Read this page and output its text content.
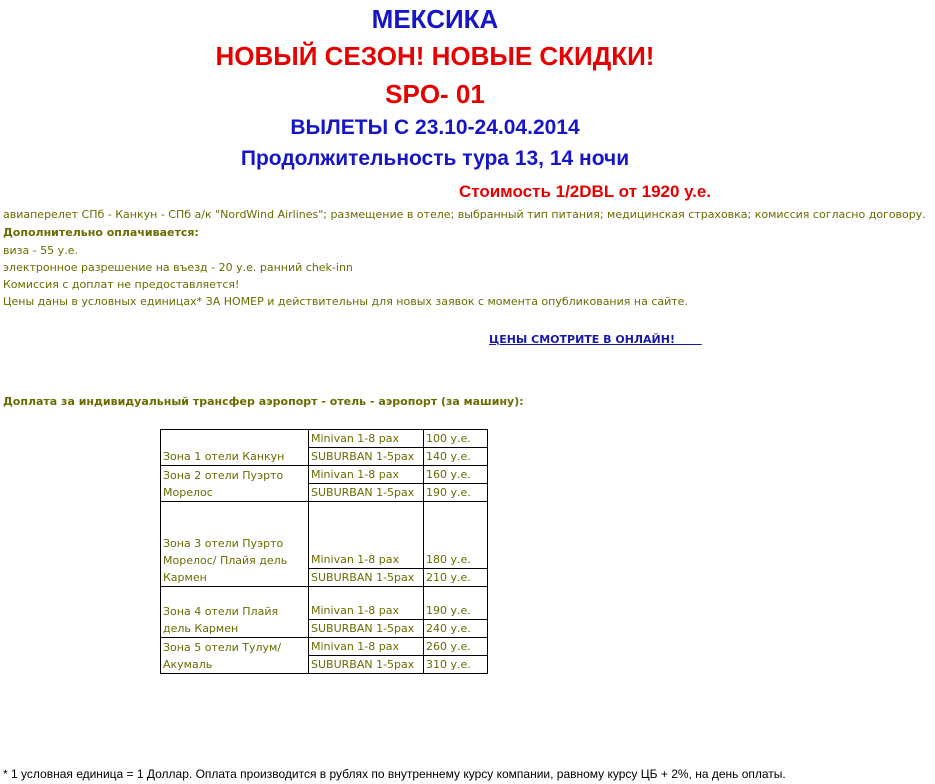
МЕКСИКА
НОВЫЙ СЕЗОН! НОВЫЕ СКИДКИ!
SPO- 01
ВЫЛЕТЫ С 23.10-24.04.2014
Продолжительность тура 13, 14 ночи
Стоимость 1/2DBL от 1920 у.е.
авиаперелет СПб - Канкун - СПб а/к "NordWind Airlines"; размещение в отеле; выбранный тип питания; медицинская страховка; комиссия согласно договору.
Дополнительно оплачивается:
виза - 55 у.е.
электронное разрешение на въезд - 20 у.е. ранний chek-inn
Комиссия с доплат не предоставляется!
Цены даны в условных единицах* ЗА НОМЕР и действительны для новых заявок с момента опубликования на сайте.
ЦЕНЫ СМОТРИТЕ В ОНЛАЙН!
Доплата за индивидуальный трансфер аэропорт - отель - аэропорт (за машину):
Зона 1 отели Канкун	Minivan 1-8 pax	100 у.е.
	SUBURBAN 1-5pax	140 у.е.
Зона 2 отели Пуэрто Морелос	Minivan 1-8 pax	160 у.е.
	SUBURBAN 1-5pax	190 у.е.
Зона 3 отели Пуэрто Морелос/ Плайя дель Кармен	Minivan 1-8 pax	180 у.е.
	SUBURBAN 1-5pax	210 у.е.
Зона 4 отели Плайя дель Кармен	Minivan 1-8 pax	190 у.е.
	SUBURBAN 1-5pax	240 у.е.
Зона 5 отели Тулум/Акумаль	Minivan 1-8 pax	260 у.е.
	SUBURBAN 1-5pax	310 у.е.
* 1 условная единица = 1 Доллар. Оплата производится в рублях по внутреннему курсу компании, равному курсу ЦБ + 2%, на день оплаты.
